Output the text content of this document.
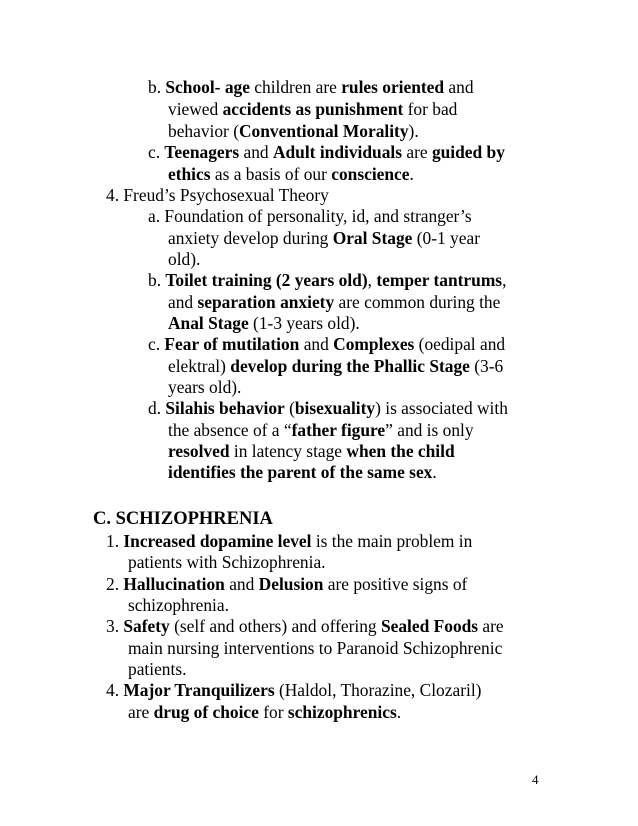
b. School- age children are rules oriented and
viewed accidents as punishment for bad
behavior (Conventional Morality).
c. Teenagers and Adult individuals are guided by
ethics as a basis of our conscience.
4. Freud’s Psychosexual Theory
a. Foundation of personality, id, and stranger’s
anxiety develop during Oral Stage (0-1 year
old).
b. Toilet training (2 years old), temper tantrums,
and separation anxiety are common during the
Anal Stage (1-3 years old).
c. Fear of mutilation and Complexes (oedipal and
elektral) develop during the Phallic Stage (3-6
years old).
d. Silahis behavior (bisexuality) is associated with
the absence of a “father figure” and is only
resolved in latency stage when the child
identifies the parent of the same sex.
C. SCHIZOPHRENIA
1. Increased dopamine level is the main problem in
patients with Schizophrenia.
2. Hallucination and Delusion are positive signs of
schizophrenia.
3. Safety (self and others) and offering Sealed Foods are
main nursing interventions to Paranoid Schizophrenic
patients.
4. Major Tranquilizers (Haldol, Thorazine, Clozaril)
are drug of choice for schizophrenics.
4
